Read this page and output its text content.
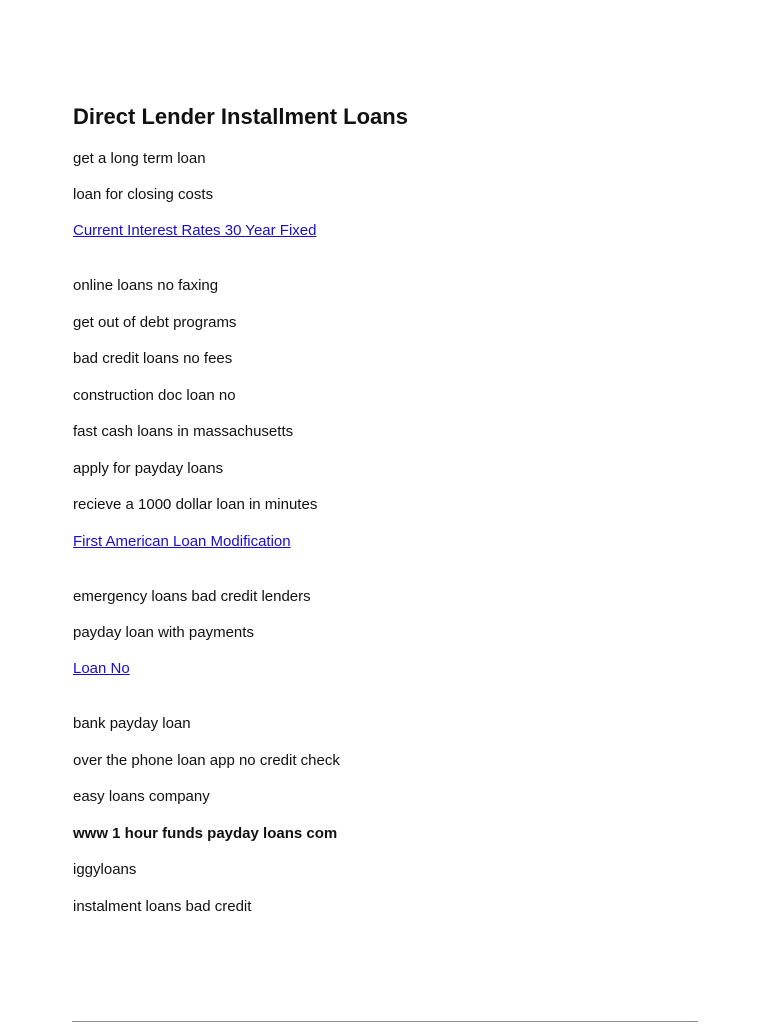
Direct Lender Installment Loans

get a long term loan

loan for closing costs

Current Interest Rates 30 Year Fixed

online loans no faxing

get out of debt programs

bad credit loans no fees

construction doc loan no

fast cash loans in massachusetts

apply for payday loans

recieve a 1000 dollar loan in minutes

First American Loan Modification

emergency loans bad credit lenders

payday loan with payments

Loan No

bank payday loan

over the phone loan app no credit check

easy loans company

www 1 hour funds payday loans com

iggyloans

instalment loans bad credit
